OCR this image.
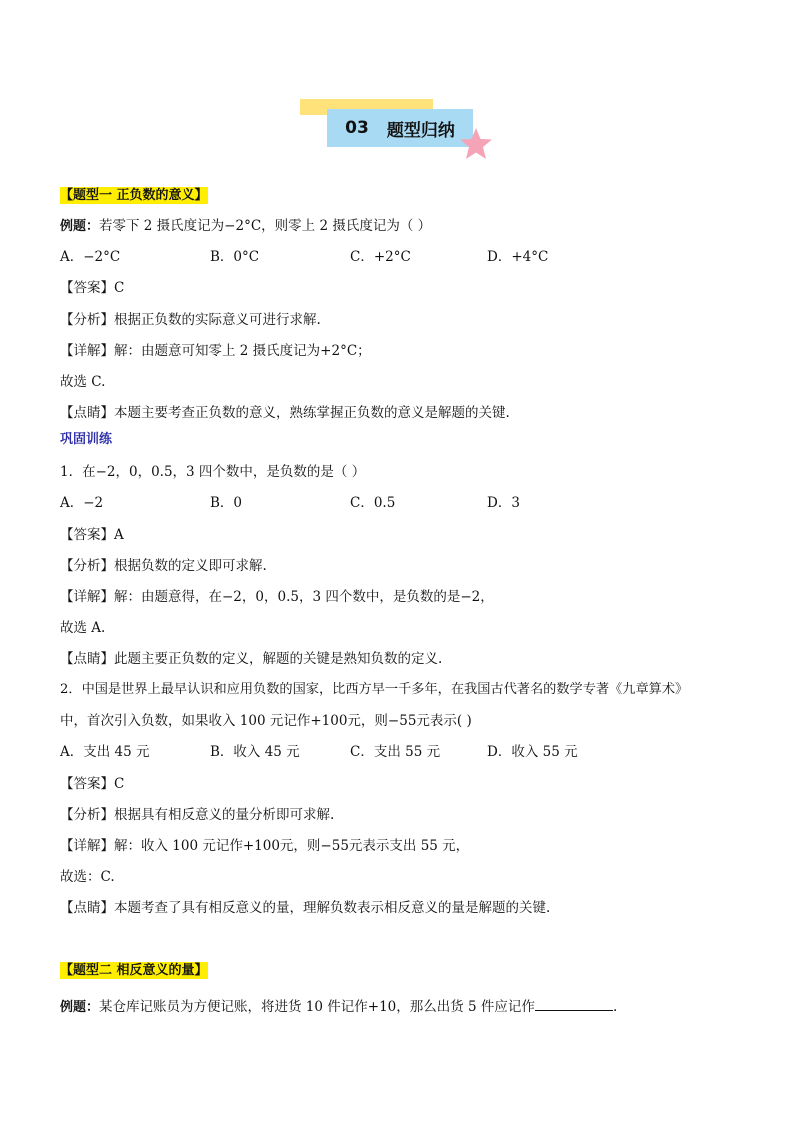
03 题型归纳
【题型一 正负数的意义】
例题：若零下 2 摄氏度记为−2°C，则零上 2 摄氏度记为（ ）
A．−2°C	B．0°C	C．+2°C	D．+4°C
【答案】C
【分析】根据正负数的实际意义可进行求解.
【详解】解：由题意可知零上 2 摄氏度记为+2°C；
故选 C.
【点睛】本题主要考查正负数的意义，熟练掌握正负数的意义是解题的关键.
巩固训练
1．在−2，0，0.5，3 四个数中，是负数的是（ ）
A．−2	B．0	C．0.5	D．3
【答案】A
【分析】根据负数的定义即可求解.
【详解】解：由题意得，在−2，0，0.5，3 四个数中，是负数的是−2，
故选 A.
【点睛】此题主要正负数的定义，解题的关键是熟知负数的定义.
2．中国是世界上最早认识和应用负数的国家，比西方早一千多年，在我国古代著名的数学专著《九章算术》
中，首次引入负数，如果收入 100 元记作+100元，则−55元表示( )
A．支出 45 元	B．收入 45 元	C．支出 55 元	D．收入 55 元
【答案】C
【分析】根据具有相反意义的量分析即可求解.
【详解】解：收入 100 元记作+100元，则−55元表示支出 55 元，
故选：C.
【点睛】本题考查了具有相反意义的量，理解负数表示相反意义的量是解题的关键.
【题型二 相反意义的量】
例题：某仓库记账员为方便记账，将进货 10 件记作+10，那么出货 5 件应记作	.
